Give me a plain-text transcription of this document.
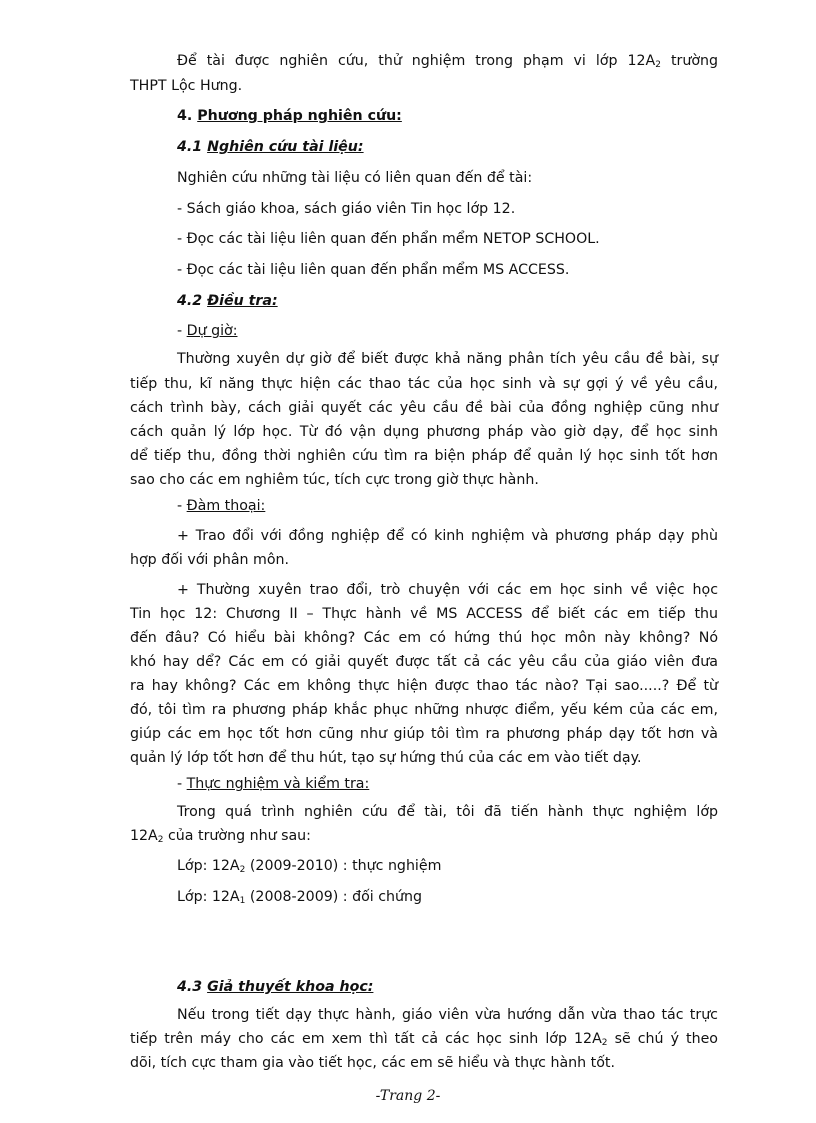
Để tài được nghiên cứu, thử nghiệm trong phạm vi lớp $12A_2$ trường
THPT Lộc Hưng.
4. Phương pháp nghiên cứu:
4.1 Nghiên cứu tài liệu:
Nghiên cứu những tài liệu có liên quan đến để tài:
- Sách giáo khoa, sách giáo viên Tin học lớp 12.
- Đọc các tài liệu liên quan đến phẩn mểm NETOP SCHOOL.
- Đọc các tài liệu liên quan đến phẩn mểm MS ACCESS.
4.2 Điều tra:
- Dự giờ:
Thường xuyên dự giờ để biết được khả năng phân tích yêu cầu đề bài, sự
tiếp thu, kĩ năng thực hiện các thao tác của học sinh và sự gợi ý về yêu cầu,
cách trình bày, cách giải quyết các yêu cầu đề bài của đồng nghiệp cũng như
cách quản lý lớp học. Từ đó vận dụng phương pháp vào giờ dạy, để học sinh
dể tiếp thu, đồng thời nghiên cứu tìm ra biện pháp để quản lý học sinh tốt hơn
sao cho các em nghiêm túc, tích cực trong giờ thực hành.
- Đàm thoại:
+ Trao đổi với đồng nghiệp để có kinh nghiệm và phương pháp dạy phù
hợp đối với phân môn.
+ Thường xuyên trao đổi, trò chuyện với các em học sinh về việc học
Tin học 12: Chương II – Thực hành về MS ACCESS để biết các em tiếp thu
đến đâu? Có hiểu bài không? Các em có hứng thú học môn này không? Nó
khó hay dể? Các em có giải quyết được tất cả các yêu cầu của giáo viên đưa
ra hay không? Các em không thực hiện được thao tác nào? Tại sao.....? Để từ
đó, tôi tìm ra phương pháp khắc phục những nhược điểm, yếu kém của các em,
giúp các em học tốt hơn cũng như giúp tôi tìm ra phương pháp dạy tốt hơn và
quản lý lớp tốt hơn để thu hút, tạo sự hứng thú của các em vào tiết dạy.
- Thực nghiệm và kiểm tra:
Trong quá trình nghiên cứu để tài, tôi đã tiến hành thực nghiệm lớp
$12A_2$ của trường như sau:
Lớp: $12A_2$ (2009-2010) : thực nghiệm
Lớp: $12A_1$ (2008-2009) : đối chứng
4.3 Giả thuyết khoa học:
Nếu trong tiết dạy thực hành, giáo viên vừa hướng dẫn vừa thao tác trực
tiếp trên máy cho các em xem thì tất cả các học sinh lớp $12A_2$ sẽ chú ý theo
dõi, tích cực tham gia vào tiết học, các em sẽ hiểu và thực hành tốt.
-Trang 2-
